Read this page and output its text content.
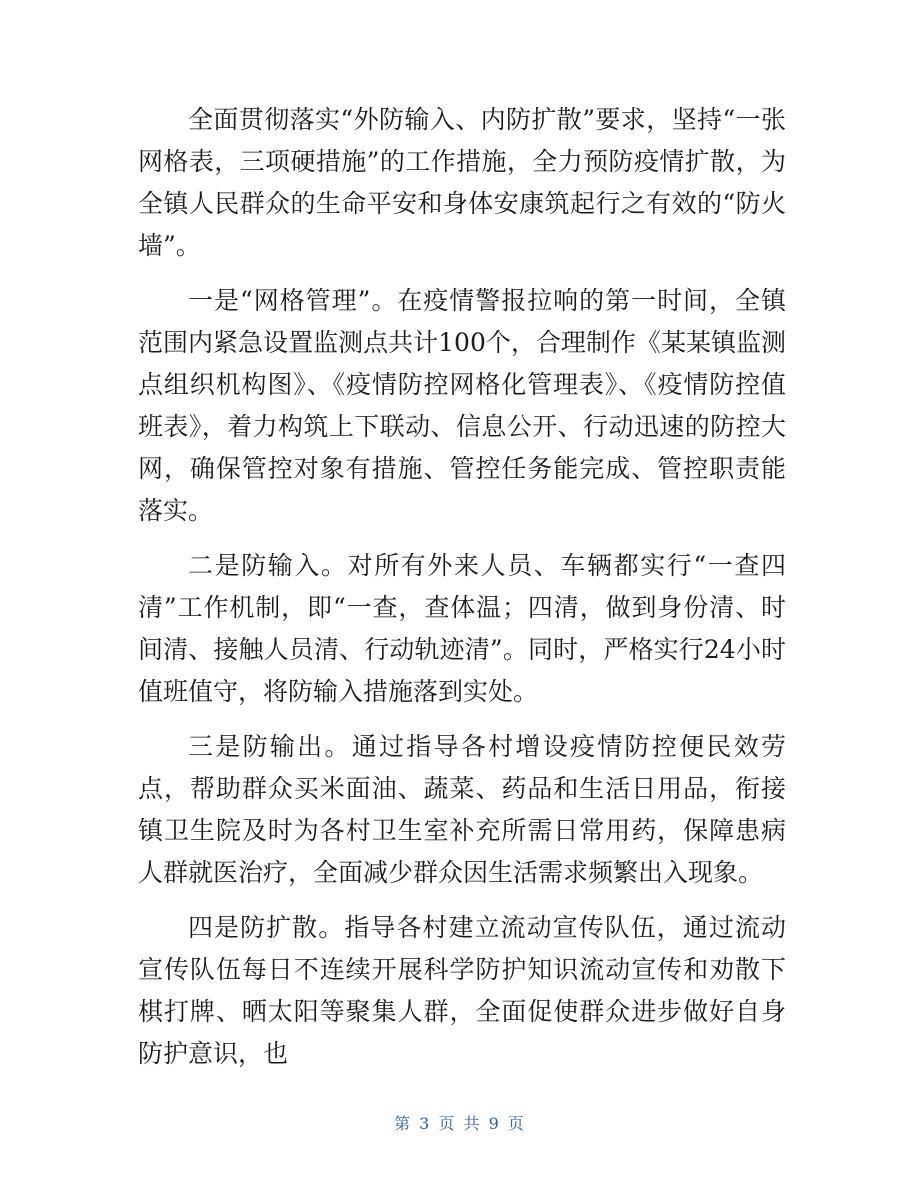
全面贯彻落实“外防输入、内防扩散”要求，坚持“一张网格表，三项硬措施”的工作措施，全力预防疫情扩散，为全镇人民群众的生命平安和身体安康筑起行之有效的“防火墙”。

一是“网格管理”。在疫情警报拉响的第一时间，全镇范围内紧急设置监测点共计100个，合理制作《某某镇监测点组织机构图》、《疫情防控网格化管理表》、《疫情防控值班表》，着力构筑上下联动、信息公开、行动迅速的防控大网，确保管控对象有措施、管控任务能完成、管控职责能落实。

二是防输入。对所有外来人员、车辆都实行“一查四清”工作机制，即“一查，查体温；四清，做到身份清、时间清、接触人员清、行动轨迹清”。同时，严格实行24小时值班值守，将防输入措施落到实处。

三是防输出。通过指导各村增设疫情防控便民效劳点，帮助群众买米面油、蔬菜、药品和生活日用品，衔接镇卫生院及时为各村卫生室补充所需日常用药，保障患病人群就医治疗，全面减少群众因生活需求频繁出入现象。

四是防扩散。指导各村建立流动宣传队伍，通过流动宣传队伍每日不连续开展科学防护知识流动宣传和劝散下棋打牌、晒太阳等聚集人群，全面促使群众进步做好自身防护意识，也

第 3 页 共 9 页
